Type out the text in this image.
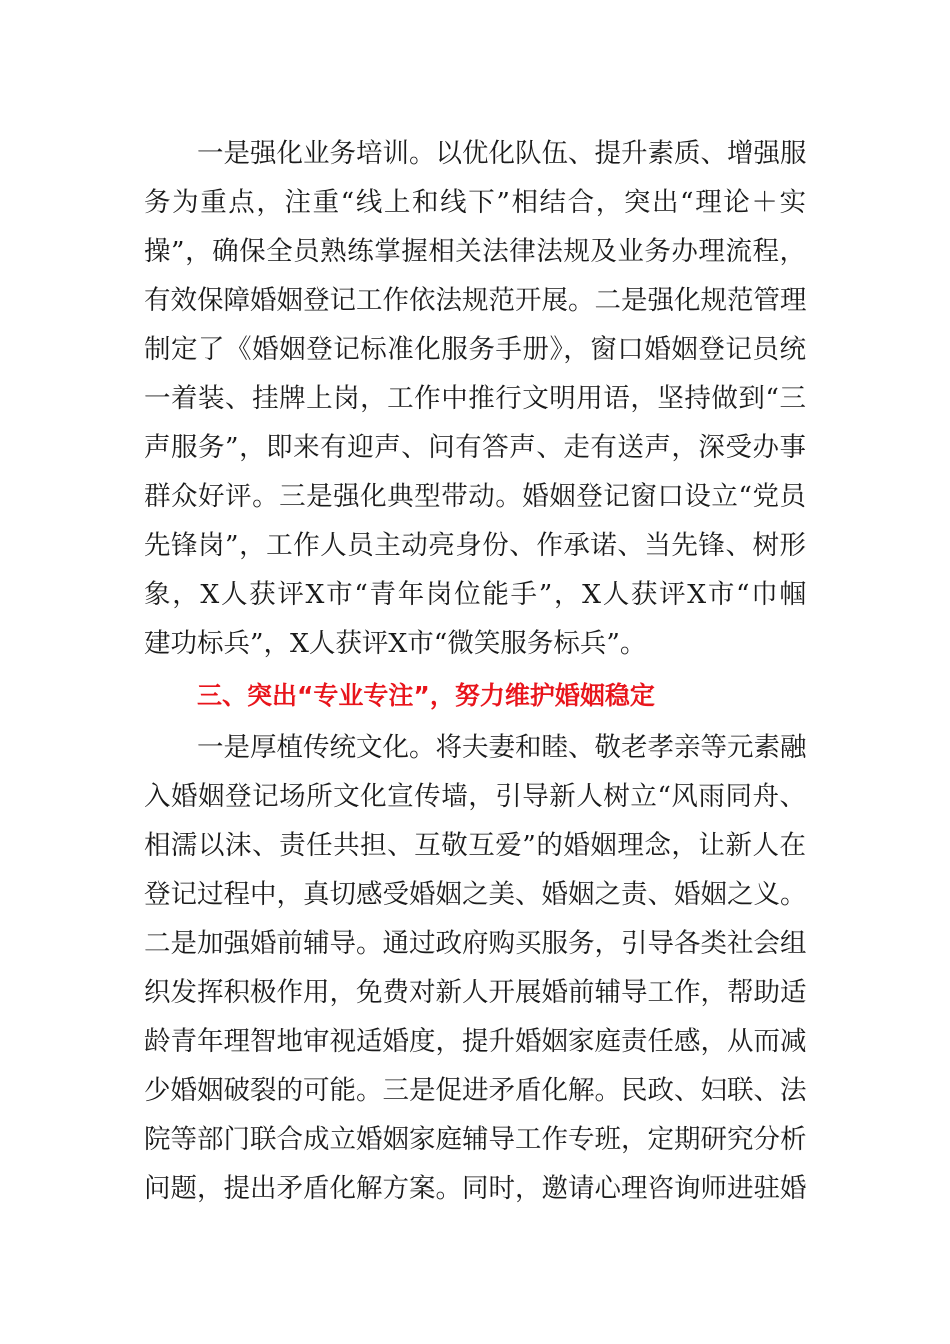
一是强化业务培训。以优化队伍、提升素质、增强服
务为重点，注重“线上和线下”相结合，突出“理论＋实
操”，确保全员熟练掌握相关法律法规及业务办理流程，
有效保障婚姻登记工作依法规范开展。二是强化规范管理
制定了《婚姻登记标准化服务手册》，窗口婚姻登记员统
一着装、挂牌上岗，工作中推行文明用语，坚持做到“三
声服务”，即来有迎声、问有答声、走有送声，深受办事
群众好评。三是强化典型带动。婚姻登记窗口设立“党员
先锋岗”，工作人员主动亮身份、作承诺、当先锋、树形
象，X人获评X市“青年岗位能手”，X人获评X市“巾帼
建功标兵”，X人获评X市“微笑服务标兵”。
三、突出“专业专注”，努力维护婚姻稳定
一是厚植传统文化。将夫妻和睦、敬老孝亲等元素融
入婚姻登记场所文化宣传墙，引导新人树立“风雨同舟、
相濡以沫、责任共担、互敬互爱”的婚姻理念，让新人在
登记过程中，真切感受婚姻之美、婚姻之责、婚姻之义。
二是加强婚前辅导。通过政府购买服务，引导各类社会组
织发挥积极作用，免费对新人开展婚前辅导工作，帮助适
龄青年理智地审视适婚度，提升婚姻家庭责任感，从而减
少婚姻破裂的可能。三是促进矛盾化解。民政、妇联、法
院等部门联合成立婚姻家庭辅导工作专班，定期研究分析
问题，提出矛盾化解方案。同时，邀请心理咨询师进驻婚
